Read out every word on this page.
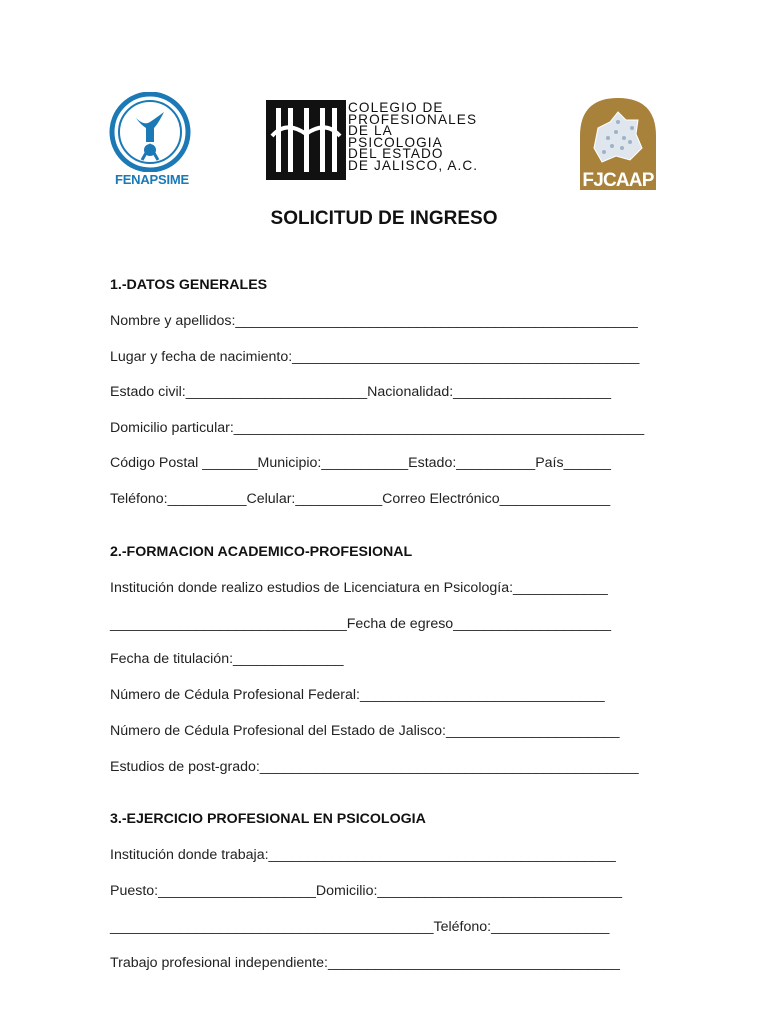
FENAPSIME
COLEGIO DE
PROFESIONALES
DE LA
PSICOLOGIA
DEL ESTADO
DE JALISCO, A.C.
FJCAAP
SOLICITUD DE INGRESO
1.-DATOS GENERALES
Nombre y apellidos:___________________________________________________
Lugar y fecha de nacimiento:____________________________________________
Estado civil:_______________________Nacionalidad:____________________
Domicilio particular:____________________________________________________
Código Postal _______Municipio:___________Estado:__________País______
Teléfono:__________Celular:___________Correo Electrónico______________
2.-FORMACION ACADEMICO-PROFESIONAL
Institución donde realizo estudios de Licenciatura en Psicología:____________
______________________________Fecha de egreso____________________
Fecha de titulación:______________
Número de Cédula Profesional Federal:_______________________________
Número de Cédula Profesional del Estado de Jalisco:______________________
Estudios de post-grado:________________________________________________
3.-EJERCICIO PROFESIONAL EN PSICOLOGIA
Institución donde trabaja:____________________________________________
Puesto:____________________Domicilio:_______________________________
_________________________________________Teléfono:_______________
Trabajo profesional independiente:_____________________________________
